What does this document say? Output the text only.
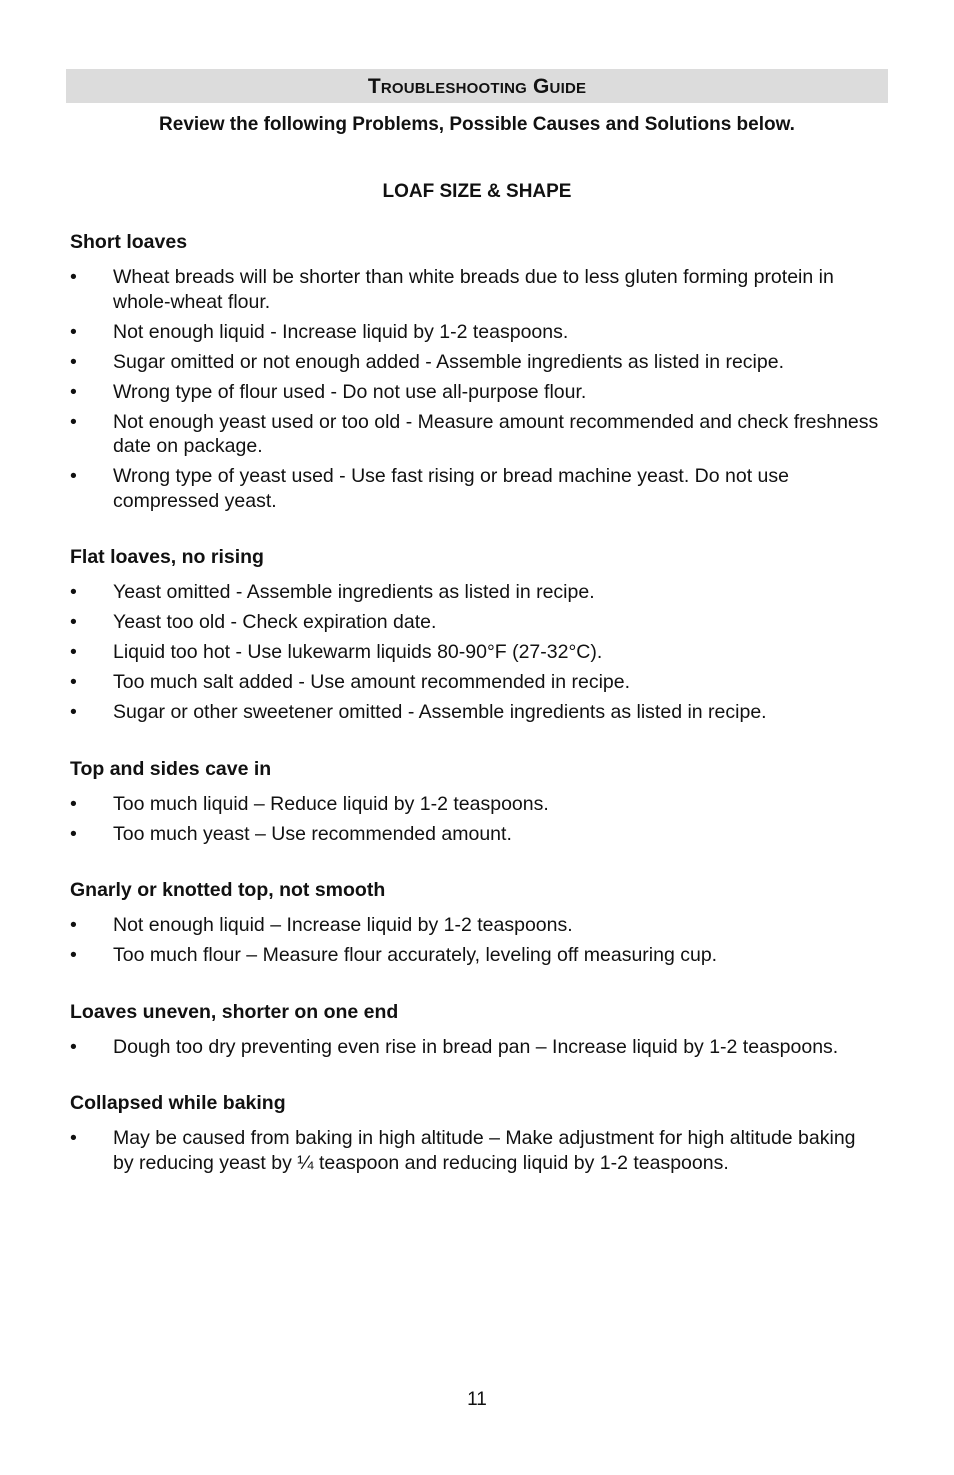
Troubleshooting Guide
Review the following Problems, Possible Causes and Solutions below.
LOAF SIZE & SHAPE
Short loaves
•	Wheat breads will be shorter than white breads due to less gluten forming protein in whole-wheat flour.
•	Not enough liquid - Increase liquid by 1-2 teaspoons.
•	Sugar omitted or not enough added - Assemble ingredients as listed in recipe.
•	Wrong type of flour used - Do not use all-purpose flour.
•	Not enough yeast used or too old - Measure amount recommended and check freshness date on package.
•	Wrong type of yeast used - Use fast rising or bread machine yeast. Do not use compressed yeast.
Flat loaves, no rising
•	Yeast omitted - Assemble ingredients as listed in recipe.
•	Yeast too old - Check expiration date.
•	Liquid too hot - Use lukewarm liquids 80-90°F (27-32°C).
•	Too much salt added - Use amount recommended in recipe.
•	Sugar or other sweetener omitted - Assemble ingredients as listed in recipe.
Top and sides cave in
•	Too much liquid – Reduce liquid by 1-2 teaspoons.
•	Too much yeast – Use recommended amount.
Gnarly or knotted top, not smooth
•	Not enough liquid – Increase liquid by 1-2 teaspoons.
•	Too much flour – Measure flour accurately, leveling off measuring cup.
Loaves uneven, shorter on one end
•	Dough too dry preventing even rise in bread pan – Increase liquid by 1-2 teaspoons.
Collapsed while baking
•	May be caused from baking in high altitude – Make adjustment for high altitude baking by reducing yeast by ¼ teaspoon and reducing liquid by 1-2 teaspoons.
11
